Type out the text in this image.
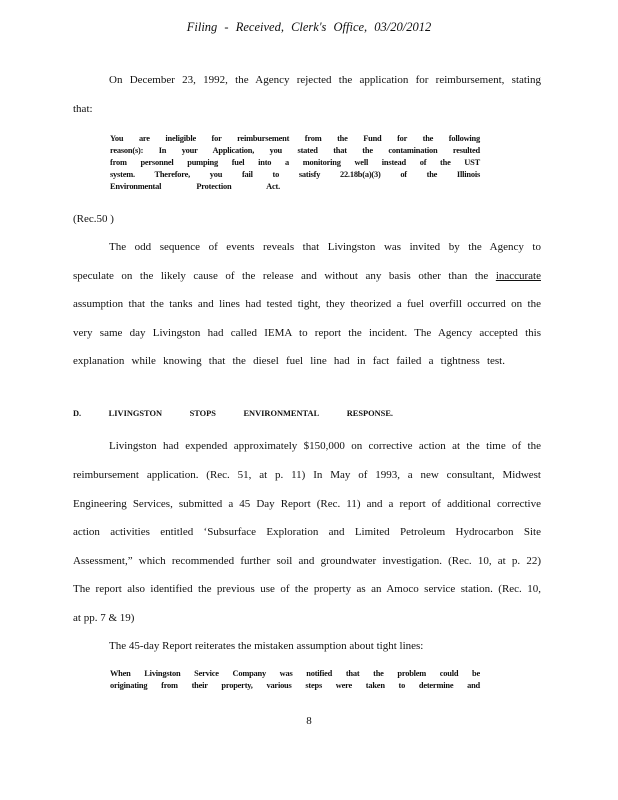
Filing - Received, Clerk's Office, 03/20/2012
On December 23, 1992, the Agency rejected the application for reimbursement, stating
that:
You are ineligible for reimbursement from the Fund for the following
reason(s): In your Application, you stated that the contamination resulted
from personnel pumping fuel into a monitoring well instead of the UST
system. Therefore, you fail to satisfy 22.18b(a)(3) of the Illinois
Environmental Protection Act.
(Rec.50 )
The odd sequence of events reveals that Livingston was invited by the Agency to
speculate on the likely cause of the release and without any basis other than the inaccurate
assumption that the tanks and lines had tested tight, they theorized a fuel overfill occurred on the
very same day Livingston had called IEMA to report the incident. The Agency accepted this
explanation while knowing that the diesel fuel line had in fact failed a tightness test.
D.	LIVINGSTON	STOPS	ENVIRONMENTAL	RESPONSE.
Livingston had expended approximately $150,000 on corrective action at the time of the
reimbursement application. (Rec. 51, at p. 11) In May of 1993, a new consultant, Midwest
Engineering Services, submitted a 45 Day Report (Rec. 11) and a report of additional corrective
action activities entitled ‘Subsurface Exploration and Limited Petroleum Hydrocarbon Site
Assessment,” which recommended further soil and groundwater investigation. (Rec. 10, at p. 22)
The report also identified the previous use of the property as an Amoco service station. (Rec. 10,
at pp. 7 & 19)
The 45-day Report reiterates the mistaken assumption about tight lines:
When Livingston Service Company was notified that the problem could be
originating from their property, various steps were taken to determine and
8
